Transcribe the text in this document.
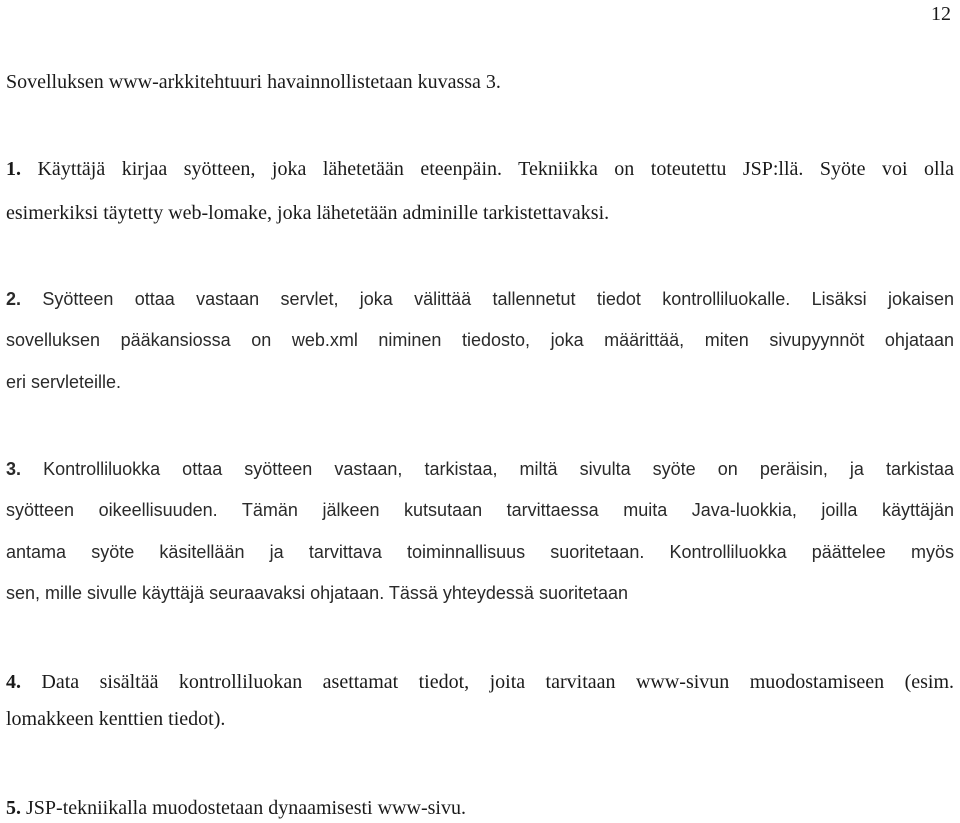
12
Sovelluksen www-arkkitehtuuri havainnollistetaan kuvassa 3.
1. Käyttäjä kirjaa syötteen, joka lähetetään eteenpäin. Tekniikka on toteutettu JSP:llä. Syöte voi olla
esimerkiksi täytetty web-lomake, joka lähetetään adminille tarkistettavaksi.
2. Syötteen ottaa vastaan servlet, joka välittää tallennetut tiedot kontrolliluokalle. Lisäksi jokaisen
sovelluksen pääkansiossa on web.xml niminen tiedosto, joka määrittää, miten sivupyynnöt ohjataan
eri servleteille.
3. Kontrolliluokka ottaa syötteen vastaan, tarkistaa, miltä sivulta syöte on peräisin, ja tarkistaa
syötteen oikeellisuuden. Tämän jälkeen kutsutaan tarvittaessa muita Java-luokkia, joilla käyttäjän
antama syöte käsitellään ja tarvittava toiminnallisuus suoritetaan. Kontrolliluokka päättelee myös
sen, mille sivulle käyttäjä seuraavaksi ohjataan. Tässä yhteydessä suoritetaan
4. Data sisältää kontrolliluokan asettamat tiedot, joita tarvitaan www-sivun muodostamiseen (esim.
lomakkeen kenttien tiedot).
5. JSP-tekniikalla muodostetaan dynaamisesti www-sivu.
